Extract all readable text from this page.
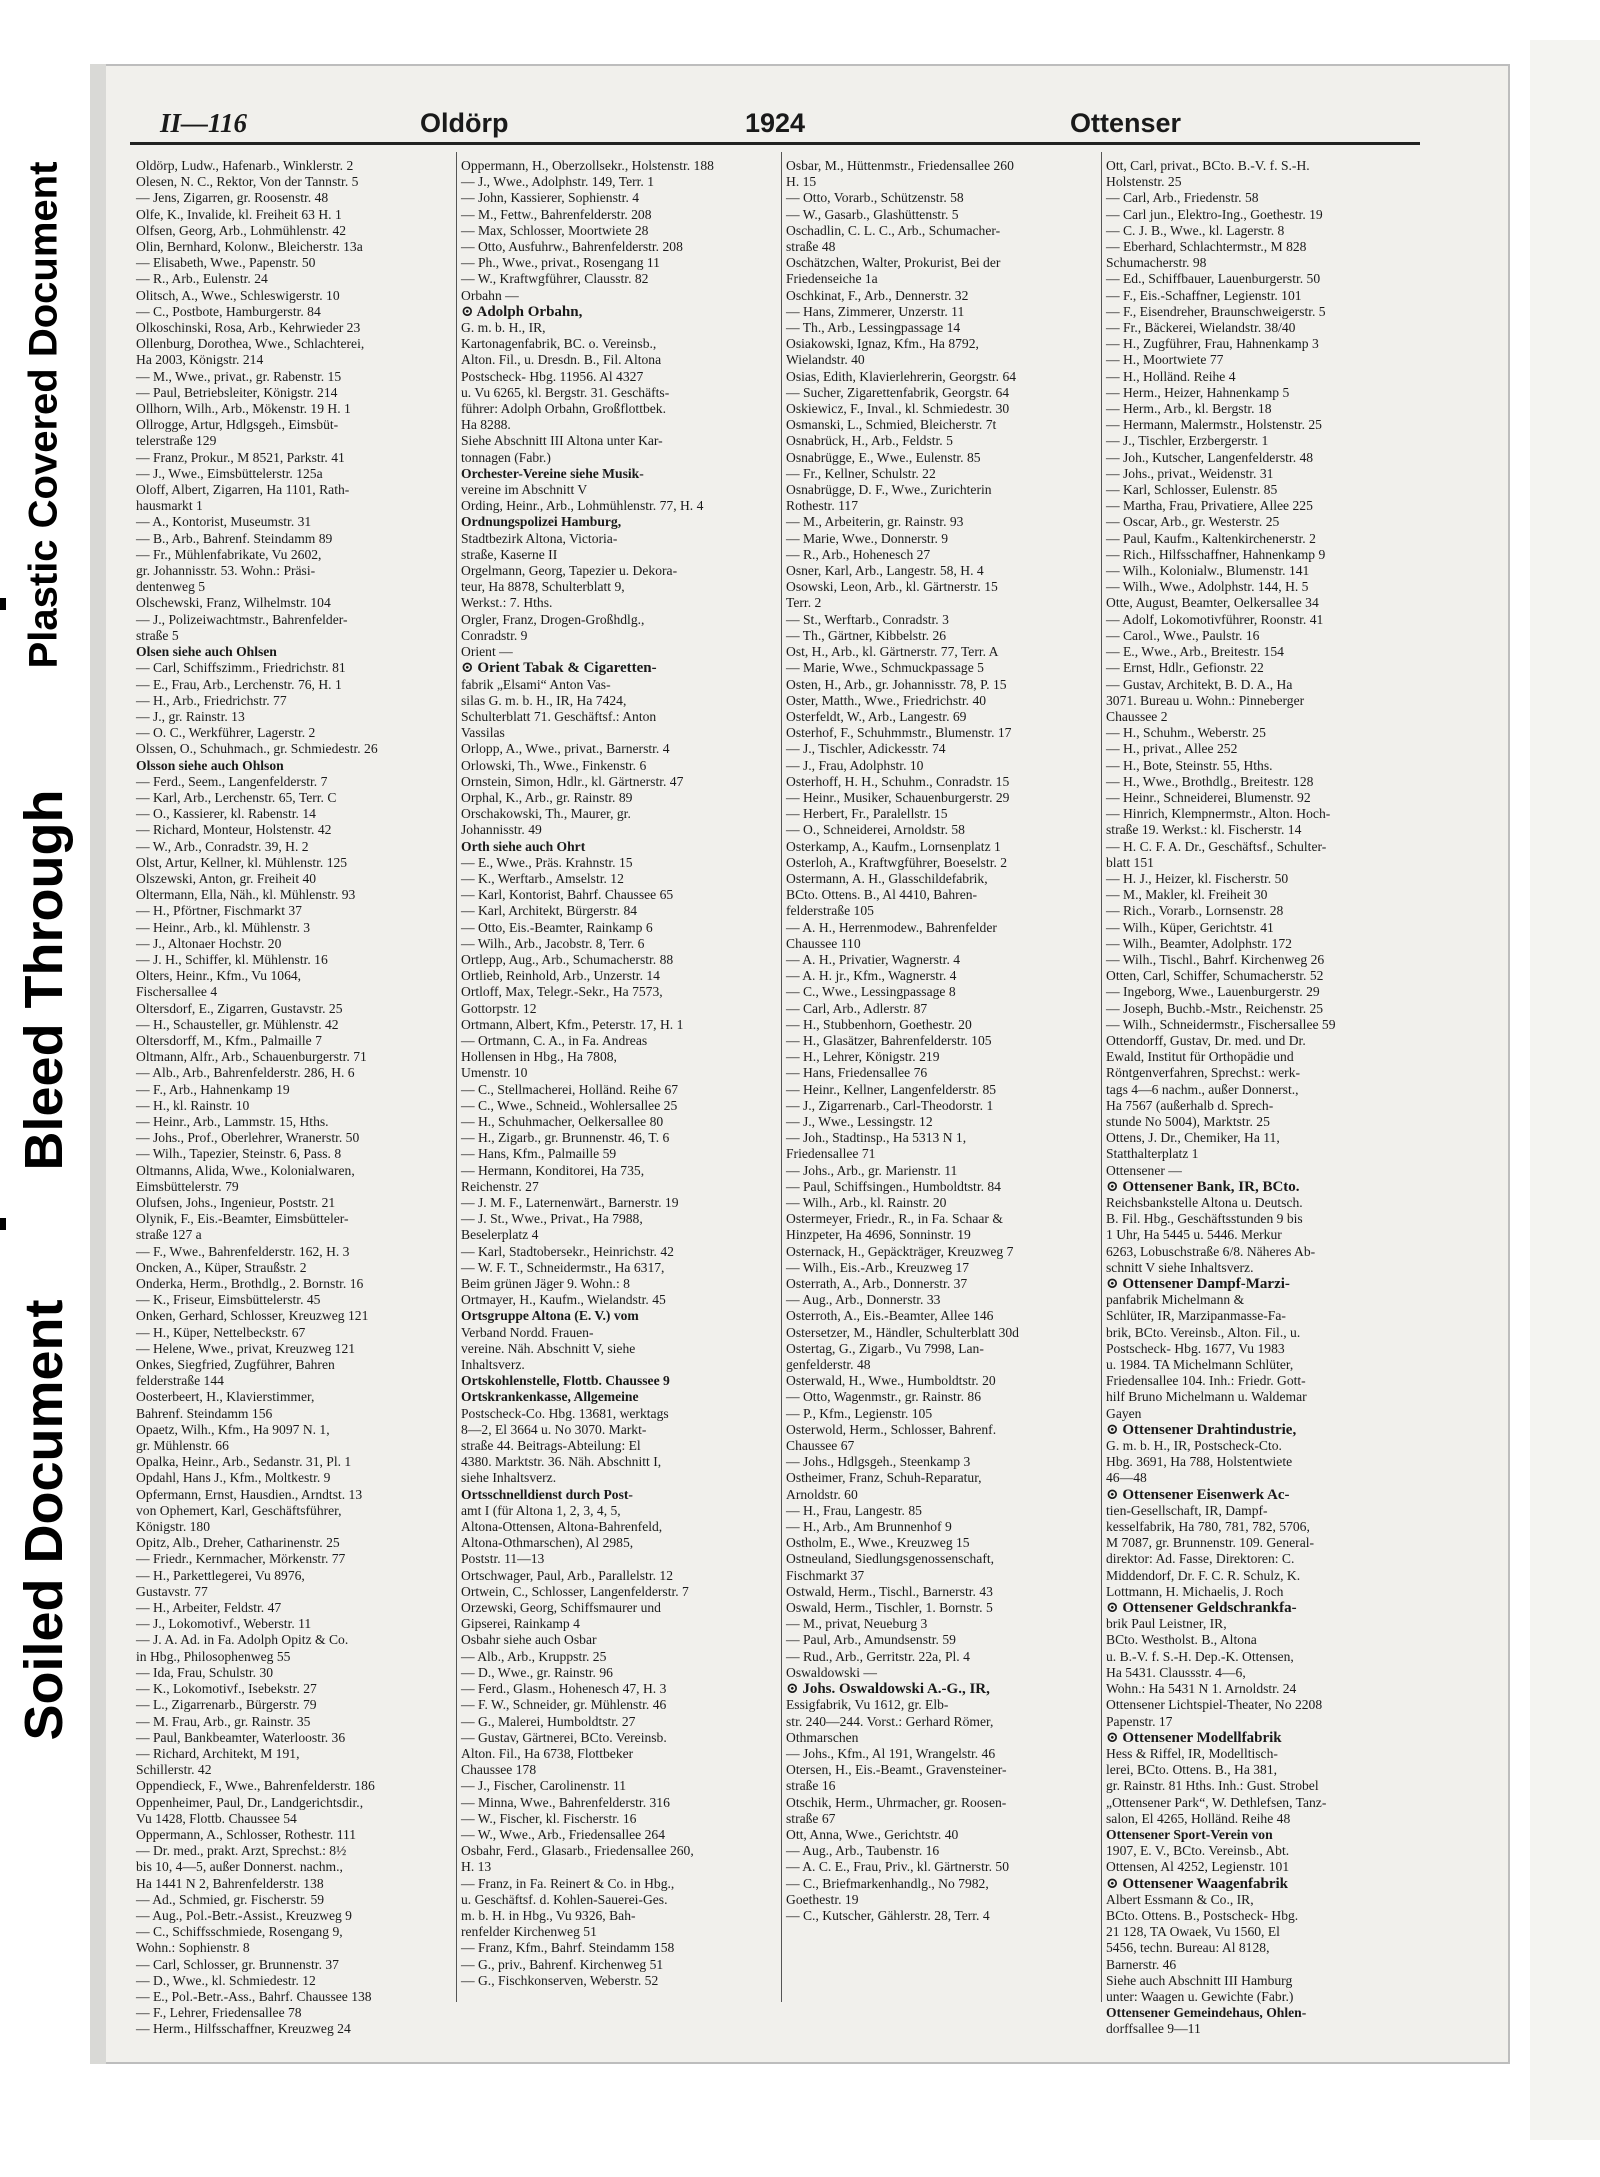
Plastic Covered Document
Bleed Through
Soiled Document
II—116	Oldörp	1924	Ottenser
Oldörp, Ludw., Hafenarb., Winklerstr. 2
Olesen, N. C., Rektor, Von der Tannstr. 5
— Jens, Zigarren, gr. Roosenstr. 48
Olfe, K., Invalide, kl. Freiheit 63 H. 1
Olfsen, Georg, Arb., Lohmühlenstr. 42
Olin, Bernhard, Kolonw., Bleicherstr. 13a
— Elisabeth, Wwe., Papenstr. 50
— R., Arb., Eulenstr. 24
Olitsch, A., Wwe., Schleswigerstr. 10
— C., Postbote, Hamburgerstr. 84
Olkoschinski, Rosa, Arb., Kehrwieder 23
Ollenburg, Dorothea, Wwe., Schlachterei,
Ha 2003, Königstr. 214
— M., Wwe., privat., gr. Rabenstr. 15
— Paul, Betriebsleiter, Königstr. 214
Ollhorn, Wilh., Arb., Mökenstr. 19 H. 1
Ollrogge, Artur, Hdlgsgeh., Eimsbüt-
telerstraße 129
— Franz, Prokur., M 8521, Parkstr. 41
— J., Wwe., Eimsbüttelerstr. 125a
Oloff, Albert, Zigarren, Ha 1101, Rath-
hausmarkt 1
— A., Kontorist, Museumstr. 31
— B., Arb., Bahrenf. Steindamm 89
— Fr., Mühlenfabrikate, Vu 2602,
gr. Johannisstr. 53. Wohn.: Präsi-
dentenweg 5
Olschewski, Franz, Wilhelmstr. 104
— J., Polizeiwachtmstr., Bahrenfelder-
straße 5
Olsen siehe auch Ohlsen
— Carl, Schiffszimm., Friedrichstr. 81
— E., Frau, Arb., Lerchenstr. 76, H. 1
— H., Arb., Friedrichstr. 77
— J., gr. Rainstr. 13
— O. C., Werkführer, Lagerstr. 2
Olssen, O., Schuhmach., gr. Schmiedestr. 26
Olsson siehe auch Ohlson
— Ferd., Seem., Langenfelderstr. 7
— Karl, Arb., Lerchenstr. 65, Terr. C
— O., Kassierer, kl. Rabenstr. 14
— Richard, Monteur, Holstenstr. 42
— W., Arb., Conradstr. 39, H. 2
Olst, Artur, Kellner, kl. Mühlenstr. 125
Olszewski, Anton, gr. Freiheit 40
Oltermann, Ella, Näh., kl. Mühlenstr. 93
— H., Pförtner, Fischmarkt 37
— Heinr., Arb., kl. Mühlenstr. 3
— J., Altonaer Hochstr. 20
— J. H., Schiffer, kl. Mühlenstr. 16
Olters, Heinr., Kfm., Vu 1064,
Fischersallee 4
Oltersdorf, E., Zigarren, Gustavstr. 25
— H., Schausteller, gr. Mühlenstr. 42
Oltersdorff, M., Kfm., Palmaille 7
Oltmann, Alfr., Arb., Schauenburgerstr. 71
— Alb., Arb., Bahrenfelderstr. 286, H. 6
— F., Arb., Hahnenkamp 19
— H., kl. Rainstr. 10
— Heinr., Arb., Lammstr. 15, Hths.
— Johs., Prof., Oberlehrer, Wranerstr. 50
— Wilh., Tapezier, Steinstr. 6, Pass. 8
Oltmanns, Alida, Wwe., Kolonialwaren,
Eimsbüttelerstr. 79
Olufsen, Johs., Ingenieur, Poststr. 21
Olynik, F., Eis.-Beamter, Eimsbütteler-
straße 127 a
— F., Wwe., Bahrenfelderstr. 162, H. 3
Oncken, A., Küper, Straußstr. 2
Onderka, Herm., Brothdlg., 2. Bornstr. 16
— K., Friseur, Eimsbüttelerstr. 45
Onken, Gerhard, Schlosser, Kreuzweg 121
— H., Küper, Nettelbeckstr. 67
— Helene, Wwe., privat, Kreuzweg 121
Onkes, Siegfried, Zugführer, Bahren
felderstraße 144
Oosterbeert, H., Klavierstimmer,
Bahrenf. Steindamm 156
Opaetz, Wilh., Kfm., Ha 9097 N. 1,
gr. Mühlenstr. 66
Opalka, Heinr., Arb., Sedanstr. 31, Pl. 1
Opdahl, Hans J., Kfm., Moltkestr. 9
Opfermann, Ernst, Hausdien., Arndtst. 13
von Ophemert, Karl, Geschäftsführer,
Königstr. 180
Opitz, Alb., Dreher, Catharinenstr. 25
— Friedr., Kernmacher, Mörkenstr. 77
— H., Parkettlegerei, Vu 8976,
Gustavstr. 77
— H., Arbeiter, Feldstr. 47
— J., Lokomotivf., Weberstr. 11
— J. A. Ad. in Fa. Adolph Opitz & Co.
in Hbg., Philosophenweg 55
— Ida, Frau, Schulstr. 30
— K., Lokomotivf., Isebekstr. 27
— L., Zigarrenarb., Bürgerstr. 79
— M. Frau, Arb., gr. Rainstr. 35
— Paul, Bankbeamter, Waterloostr. 36
— Richard, Architekt, M 191,
Schillerstr. 42
Oppendieck, F., Wwe., Bahrenfelderstr. 186
Oppenheimer, Paul, Dr., Landgerichtsdir.,
Vu 1428, Flottb. Chaussee 54
Oppermann, A., Schlosser, Rothestr. 111
— Dr. med., prakt. Arzt, Sprechst.: 8½
bis 10, 4—5, außer Donnerst. nachm.,
Ha 1441 N 2, Bahrenfelderstr. 138
— Ad., Schmied, gr. Fischerstr. 59
— Aug., Pol.-Betr.-Assist., Kreuzweg 9
— C., Schiffsschmiede, Rosengang 9,
Wohn.: Sophienstr. 8
— Carl, Schlosser, gr. Brunnenstr. 37
— D., Wwe., kl. Schmiedestr. 12
— E., Pol.-Betr.-Ass., Bahrf. Chaussee 138
— F., Lehrer, Friedensallee 78
— Herm., Hilfsschaffner, Kreuzweg 24
Oppermann, H., Oberzollsekr., Holstenstr. 188
— J., Wwe., Adolphstr. 149, Terr. 1
— John, Kassierer, Sophienstr. 4
— M., Fettw., Bahrenfelderstr. 208
— Max, Schlosser, Moortwiete 28
— Otto, Ausfuhrw., Bahrenfelderstr. 208
— Ph., Wwe., privat., Rosengang 11
— W., Kraftwgführer, Clausstr. 82
Orbahn —
⊙ Adolph Orbahn,
G. m. b. H., IR,
Kartonagenfabrik, BC. o. Vereinsb.,
Alton. Fil., u. Dresdn. B., Fil. Altona
Postscheck- Hbg. 11956. Al 4327
u. Vu 6265, kl. Bergstr. 31. Geschäfts-
führer: Adolph Orbahn, Großflottbek.
Ha 8288.
Siehe Abschnitt III Altona unter Kar-
tonnagen (Fabr.)
Orchester-Vereine siehe Musik-
vereine im Abschnitt V
Ording, Heinr., Arb., Lohmühlenstr. 77, H. 4
Ordnungspolizei Hamburg,
Stadtbezirk Altona, Victoria-
straße, Kaserne II
Orgelmann, Georg, Tapezier u. Dekora-
teur, Ha 8878, Schulterblatt 9,
Werkst.: 7. Hths.
Orgler, Franz, Drogen-Großhdlg.,
Conradstr. 9
Orient —
⊙ Orient Tabak & Cigaretten-
fabrik „Elsami“ Anton Vas-
silas G. m. b. H., IR, Ha 7424,
Schulterblatt 71. Geschäftsf.: Anton
Vassilas
Orlopp, A., Wwe., privat., Barnerstr. 4
Orlowski, Th., Wwe., Finkenstr. 6
Ornstein, Simon, Hdlr., kl. Gärtnerstr. 47
Orphal, K., Arb., gr. Rainstr. 89
Orschakowski, Th., Maurer, gr.
Johannisstr. 49
Orth siehe auch Ohrt
— E., Wwe., Präs. Krahnstr. 15
— K., Werftarb., Amselstr. 12
— Karl, Kontorist, Bahrf. Chaussee 65
— Karl, Architekt, Bürgerstr. 84
— Otto, Eis.-Beamter, Rainkamp 6
— Wilh., Arb., Jacobstr. 8, Terr. 6
Ortlepp, Aug., Arb., Schumacherstr. 88
Ortlieb, Reinhold, Arb., Unzerstr. 14
Ortloff, Max, Telegr.-Sekr., Ha 7573,
Gottorpstr. 12
Ortmann, Albert, Kfm., Peterstr. 17, H. 1
— Ortmann, C. A., in Fa. Andreas
Hollensen in Hbg., Ha 7808,
Umenstr. 10
— C., Stellmacherei, Holländ. Reihe 67
— C., Wwe., Schneid., Wohlersallee 25
— H., Schuhmacher, Oelkersallee 80
— H., Zigarb., gr. Brunnenstr. 46, T. 6
— Hans, Kfm., Palmaille 59
— Hermann, Konditorei, Ha 735,
Reichenstr. 27
— J. M. F., Laternenwärt., Barnerstr. 19
— J. St., Wwe., Privat., Ha 7988,
Beselerplatz 4
— Karl, Stadtobersekr., Heinrichstr. 42
— W. F. T., Schneidermstr., Ha 6317,
Beim grünen Jäger 9. Wohn.: 8
Ortmayer, H., Kaufm., Wielandstr. 45
Ortsgruppe Altona (E. V.) vom
Verband Nordd. Frauen-
vereine. Näh. Abschnitt V, siehe
Inhaltsverz.
Ortskohlenstelle, Flottb. Chaussee 9
Ortskrankenkasse, Allgemeine
Postscheck-Co. Hbg. 13681, werktags
8—2, El 3664 u. No 3070. Markt-
straße 44. Beitrags-Abteilung: El
4380. Marktstr. 36. Näh. Abschnitt I,
siehe Inhaltsverz.
Ortsschnelldienst durch Post-
amt I (für Altona 1, 2, 3, 4, 5,
Altona-Ottensen, Altona-Bahrenfeld,
Altona-Othmarschen), Al 2985,
Poststr. 11—13
Ortschwager, Paul, Arb., Parallelstr. 12
Ortwein, C., Schlosser, Langenfelderstr. 7
Orzewski, Georg, Schiffsmaurer und
Gipserei, Rainkamp 4
Osbahr siehe auch Osbar
— Alb., Arb., Kruppstr. 25
— D., Wwe., gr. Rainstr. 96
— Ferd., Glasm., Hohenesch 47, H. 3
— F. W., Schneider, gr. Mühlenstr. 46
— G., Malerei, Humboldtstr. 27
— Gustav, Gärtnerei, BCto. Vereinsb.
Alton. Fil., Ha 6738, Flottbeker
Chaussee 178
— J., Fischer, Carolinenstr. 11
— Minna, Wwe., Bahrenfelderstr. 316
— W., Fischer, kl. Fischerstr. 16
— W., Wwe., Arb., Friedensallee 264
Osbahr, Ferd., Glasarb., Friedensallee 260,
H. 13
— Franz, in Fa. Reinert & Co. in Hbg.,
u. Geschäftsf. d. Kohlen-Sauerei-Ges.
m. b. H. in Hbg., Vu 9326, Bah-
renfelder Kirchenweg 51
— Franz, Kfm., Bahrf. Steindamm 158
— G., priv., Bahrenf. Kirchenweg 51
— G., Fischkonserven, Weberstr. 52
Osbar, M., Hüttenmstr., Friedensallee 260
H. 15
— Otto, Vorarb., Schützenstr. 58
— W., Gasarb., Glashüttenstr. 5
Oschadlin, C. L. C., Arb., Schumacher-
straße 48
Oschätzchen, Walter, Prokurist, Bei der
Friedenseiche 1a
Oschkinat, F., Arb., Dennerstr. 32
— Hans, Zimmerer, Unzerstr. 11
— Th., Arb., Lessingpassage 14
Osiakowski, Ignaz, Kfm., Ha 8792,
Wielandstr. 40
Osias, Edith, Klavierlehrerin, Georgstr. 64
— Sucher, Zigarettenfabrik, Georgstr. 64
Oskiewicz, F., Inval., kl. Schmiedestr. 30
Osmanski, L., Schmied, Bleicherstr. 7t
Osnabrück, H., Arb., Feldstr. 5
Osnabrügge, E., Wwe., Eulenstr. 85
— Fr., Kellner, Schulstr. 22
Osnabrügge, D. F., Wwe., Zurichterin
Rothestr. 117
— M., Arbeiterin, gr. Rainstr. 93
— Marie, Wwe., Donnerstr. 9
— R., Arb., Hohenesch 27
Osner, Karl, Arb., Langestr. 58, H. 4
Osowski, Leon, Arb., kl. Gärtnerstr. 15
Terr. 2
— St., Werftarb., Conradstr. 3
— Th., Gärtner, Kibbelstr. 26
Ost, H., Arb., kl. Gärtnerstr. 77, Terr. A
— Marie, Wwe., Schmuckpassage 5
Osten, H., Arb., gr. Johannisstr. 78, P. 15
Oster, Matth., Wwe., Friedrichstr. 40
Osterfeldt, W., Arb., Langestr. 69
Osterhof, F., Schuhmmstr., Blumenstr. 17
— J., Tischler, Adickesstr. 74
— J., Frau, Adolphstr. 10
Osterhoff, H. H., Schuhm., Conradstr. 15
— Heinr., Musiker, Schauenburgerstr. 29
— Herbert, Fr., Paralellstr. 15
— O., Schneiderei, Arnoldstr. 58
Osterkamp, A., Kaufm., Lornsenplatz 1
Osterloh, A., Kraftwgführer, Boeselstr. 2
Ostermann, A. H., Glasschildefabrik,
BCto. Ottens. B., Al 4410, Bahren-
felderstraße 105
— A. H., Herrenmodew., Bahrenfelder
Chaussee 110
— A. H., Privatier, Wagnerstr. 4
— A. H. jr., Kfm., Wagnerstr. 4
— C., Wwe., Lessingpassage 8
— Carl, Arb., Adlerstr. 87
— H., Stubbenhorn, Goethestr. 20
— H., Glasätzer, Bahrenfelderstr. 105
— H., Lehrer, Königstr. 219
— Hans, Friedensallee 76
— Heinr., Kellner, Langenfelderstr. 85
— J., Zigarrenarb., Carl-Theodorstr. 1
— J., Wwe., Lessingstr. 12
— Joh., Stadtinsp., Ha 5313 N 1,
Friedensallee 71
— Johs., Arb., gr. Marienstr. 11
— Paul, Schiffsingen., Humboldtstr. 84
— Wilh., Arb., kl. Rainstr. 20
Ostermeyer, Friedr., R., in Fa. Schaar &
Hinzpeter, Ha 4696, Sonninstr. 19
Osternack, H., Gepäckträger, Kreuzweg 7
— Wilh., Eis.-Arb., Kreuzweg 17
Osterrath, A., Arb., Donnerstr. 37
— Aug., Arb., Donnerstr. 33
Osterroth, A., Eis.-Beamter, Allee 146
Ostersetzer, M., Händler, Schulterblatt 30d
Ostertag, G., Zigarb., Vu 7998, Lan-
genfelderstr. 48
Osterwald, H., Wwe., Humboldtstr. 20
— Otto, Wagenmstr., gr. Rainstr. 86
— P., Kfm., Legienstr. 105
Osterwold, Herm., Schlosser, Bahrenf.
Chaussee 67
— Johs., Hdlgsgeh., Steenkamp 3
Ostheimer, Franz, Schuh-Reparatur,
Arnoldstr. 60
— H., Frau, Langestr. 85
— H., Arb., Am Brunnenhof 9
Ostholm, E., Wwe., Kreuzweg 15
Ostneuland, Siedlungsgenossenschaft,
Fischmarkt 37
Ostwald, Herm., Tischl., Barnerstr. 43
Oswald, Herm., Tischler, 1. Bornstr. 5
— M., privat, Neueburg 3
— Paul, Arb., Amundsenstr. 59
— Rud., Arb., Gerritstr. 22a, Pl. 4
Oswaldowski —
⊙ Johs. Oswaldowski A.-G., IR,
Essigfabrik, Vu 1612, gr. Elb-
str. 240—244. Vorst.: Gerhard Römer,
Othmarschen
— Johs., Kfm., Al 191, Wrangelstr. 46
Otersen, H., Eis.-Beamt., Gravensteiner-
straße 16
Otschik, Herm., Uhrmacher, gr. Roosen-
straße 67
Ott, Anna, Wwe., Gerichtstr. 40
— Aug., Arb., Taubenstr. 16
— A. C. E., Frau, Priv., kl. Gärtnerstr. 50
— C., Briefmarkenhandlg., No 7982,
Goethestr. 19
— C., Kutscher, Gählerstr. 28, Terr. 4
Ott, Carl, privat., BCto. B.-V. f. S.-H.
Holstenstr. 25
— Carl, Arb., Friedenstr. 58
— Carl jun., Elektro-Ing., Goethestr. 19
— C. J. B., Wwe., kl. Lagerstr. 8
— Eberhard, Schlachtermstr., M 828
Schumacherstr. 98
— Ed., Schiffbauer, Lauenburgerstr. 50
— F., Eis.-Schaffner, Legienstr. 101
— F., Eisendreher, Braunschweigerstr. 5
— Fr., Bäckerei, Wielandstr. 38/40
— H., Zugführer, Frau, Hahnenkamp 3
— H., Moortwiete 77
— H., Holländ. Reihe 4
— Herm., Heizer, Hahnenkamp 5
— Herm., Arb., kl. Bergstr. 18
— Hermann, Malermstr., Holstenstr. 25
— J., Tischler, Erzbergerstr. 1
— Joh., Kutscher, Langenfelderstr. 48
— Johs., privat., Weidenstr. 31
— Karl, Schlosser, Eulenstr. 85
— Martha, Frau, Privatiere, Allee 225
— Oscar, Arb., gr. Westerstr. 25
— Paul, Kaufm., Kaltenkirchenerstr. 2
— Rich., Hilfsschaffner, Hahnenkamp 9
— Wilh., Kolonialw., Blumenstr. 141
— Wilh., Wwe., Adolphstr. 144, H. 5
Otte, August, Beamter, Oelkersallee 34
— Adolf, Lokomotivführer, Roonstr. 41
— Carol., Wwe., Paulstr. 16
— E., Wwe., Arb., Breitestr. 154
— Ernst, Hdlr., Gefionstr. 22
— Gustav, Architekt, B. D. A., Ha
3071. Bureau u. Wohn.: Pinneberger
Chaussee 2
— H., Schuhm., Weberstr. 25
— H., privat., Allee 252
— H., Bote, Steinstr. 55, Hths.
— H., Wwe., Brothdlg., Breitestr. 128
— Heinr., Schneiderei, Blumenstr. 92
— Hinrich, Klempnermstr., Alton. Hoch-
straße 19. Werkst.: kl. Fischerstr. 14
— H. C. F. A. Dr., Geschäftsf., Schulter-
blatt 151
— H. J., Heizer, kl. Fischerstr. 50
— M., Makler, kl. Freiheit 30
— Rich., Vorarb., Lornsenstr. 28
— Wilh., Küper, Gerichtstr. 41
— Wilh., Beamter, Adolphstr. 172
— Wilh., Tischl., Bahrf. Kirchenweg 26
Otten, Carl, Schiffer, Schumacherstr. 52
— Ingeborg, Wwe., Lauenburgerstr. 29
— Joseph, Buchb.-Mstr., Reichenstr. 25
— Wilh., Schneidermstr., Fischersallee 59
Ottendorff, Gustav, Dr. med. und Dr.
Ewald, Institut für Orthopädie und
Röntgenverfahren, Sprechst.: werk-
tags 4—6 nachm., außer Donnerst.,
Ha 7567 (außerhalb d. Sprech-
stunde No 5004), Marktstr. 25
Ottens, J. Dr., Chemiker, Ha 11,
Statthalterplatz 1
Ottensener —
⊙ Ottensener Bank, IR, BCto.
Reichsbankstelle Altona u. Deutsch.
B. Fil. Hbg., Geschäftsstunden 9 bis
1 Uhr, Ha 5445 u. 5446. Merkur
6263, Lobuschstraße 6/8. Näheres Ab-
schnitt V siehe Inhaltsverz.
⊙ Ottensener Dampf-Marzi-
panfabrik Michelmann &
Schlüter, IR, Marzipanmasse-Fa-
brik, BCto. Vereinsb., Alton. Fil., u.
Postscheck- Hbg. 1677, Vu 1983
u. 1984. TA Michelmann Schlüter,
Friedensallee 104. Inh.: Friedr. Gott-
hilf Bruno Michelmann u. Waldemar
Gayen
⊙ Ottensener Drahtindustrie,
G. m. b. H., IR, Postscheck-Cto.
Hbg. 3691, Ha 788, Holstentwiete
46—48
⊙ Ottensener Eisenwerk Ac-
tien-Gesellschaft, IR, Dampf-
kesselfabrik, Ha 780, 781, 782, 5706,
M 7087, gr. Brunnenstr. 109. General-
direktor: Ad. Fasse, Direktoren: C.
Middendorf, Dr. F. C. R. Schulz, K.
Lottmann, H. Michaelis, J. Roch
⊙ Ottensener Geldschrankfa-
brik Paul Leistner, IR,
BCto. Westholst. B., Altona
u. B.-V. f. S.-H. Dep.-K. Ottensen,
Ha 5431. Claussstr. 4—6,
Wohn.: Ha 5431 N 1. Arnoldstr. 24
Ottensener Lichtspiel-Theater, No 2208
Papenstr. 17
⊙ Ottensener Modellfabrik
Hess & Riffel, IR, Modelltisch-
lerei, BCto. Ottens. B., Ha 381,
gr. Rainstr. 81 Hths. Inh.: Gust. Strobel
„Ottensener Park“, W. Dethlefsen, Tanz-
salon, El 4265, Holländ. Reihe 48
Ottensener Sport-Verein von
1907, E. V., BCto. Vereinsb., Abt.
Ottensen, Al 4252, Legienstr. 101
⊙ Ottensener Waagenfabrik
Albert Essmann & Co., IR,
BCto. Ottens. B., Postscheck- Hbg.
21 128, TA Owaek, Vu 1560, El
5456, techn. Bureau: Al 8128,
Barnerstr. 46
Siehe auch Abschnitt III Hamburg
unter: Waagen u. Gewichte (Fabr.)
Ottensener Gemeindehaus, Ohlen-
dorffsallee 9—11
